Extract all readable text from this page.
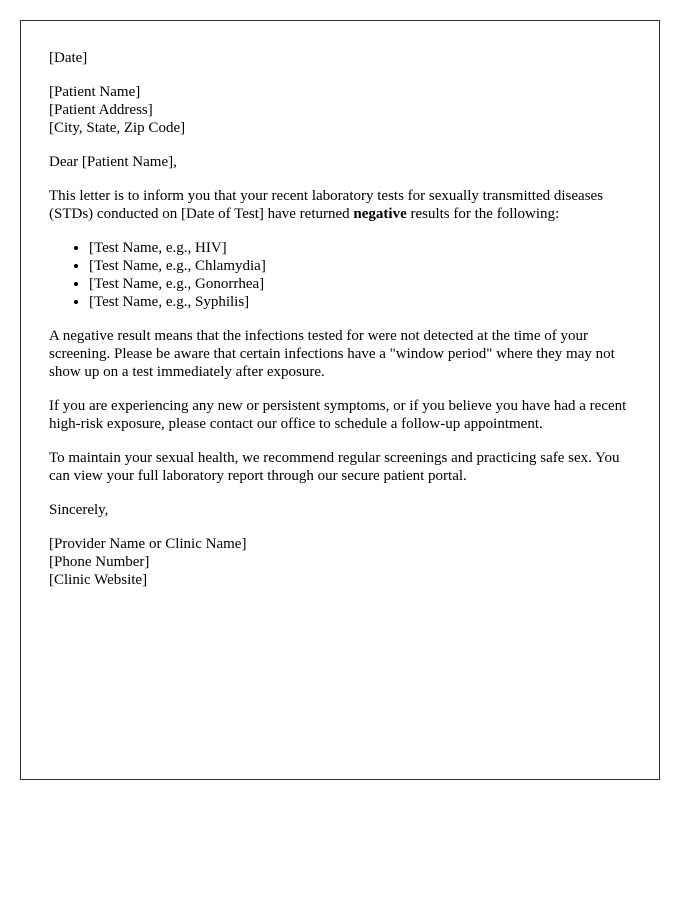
[Date]

[Patient Name]
[Patient Address]
[City, State, Zip Code]

Dear [Patient Name],

This letter is to inform you that your recent laboratory tests for sexually transmitted diseases (STDs) conducted on [Date of Test] have returned negative results for the following:

• [Test Name, e.g., HIV]
• [Test Name, e.g., Chlamydia]
• [Test Name, e.g., Gonorrhea]
• [Test Name, e.g., Syphilis]

A negative result means that the infections tested for were not detected at the time of your screening. Please be aware that certain infections have a "window period" where they may not show up on a test immediately after exposure.

If you are experiencing any new or persistent symptoms, or if you believe you have had a recent high-risk exposure, please contact our office to schedule a follow-up appointment.

To maintain your sexual health, we recommend regular screenings and practicing safe sex. You can view your full laboratory report through our secure patient portal.

Sincerely,

[Provider Name or Clinic Name]
[Phone Number]
[Clinic Website]
